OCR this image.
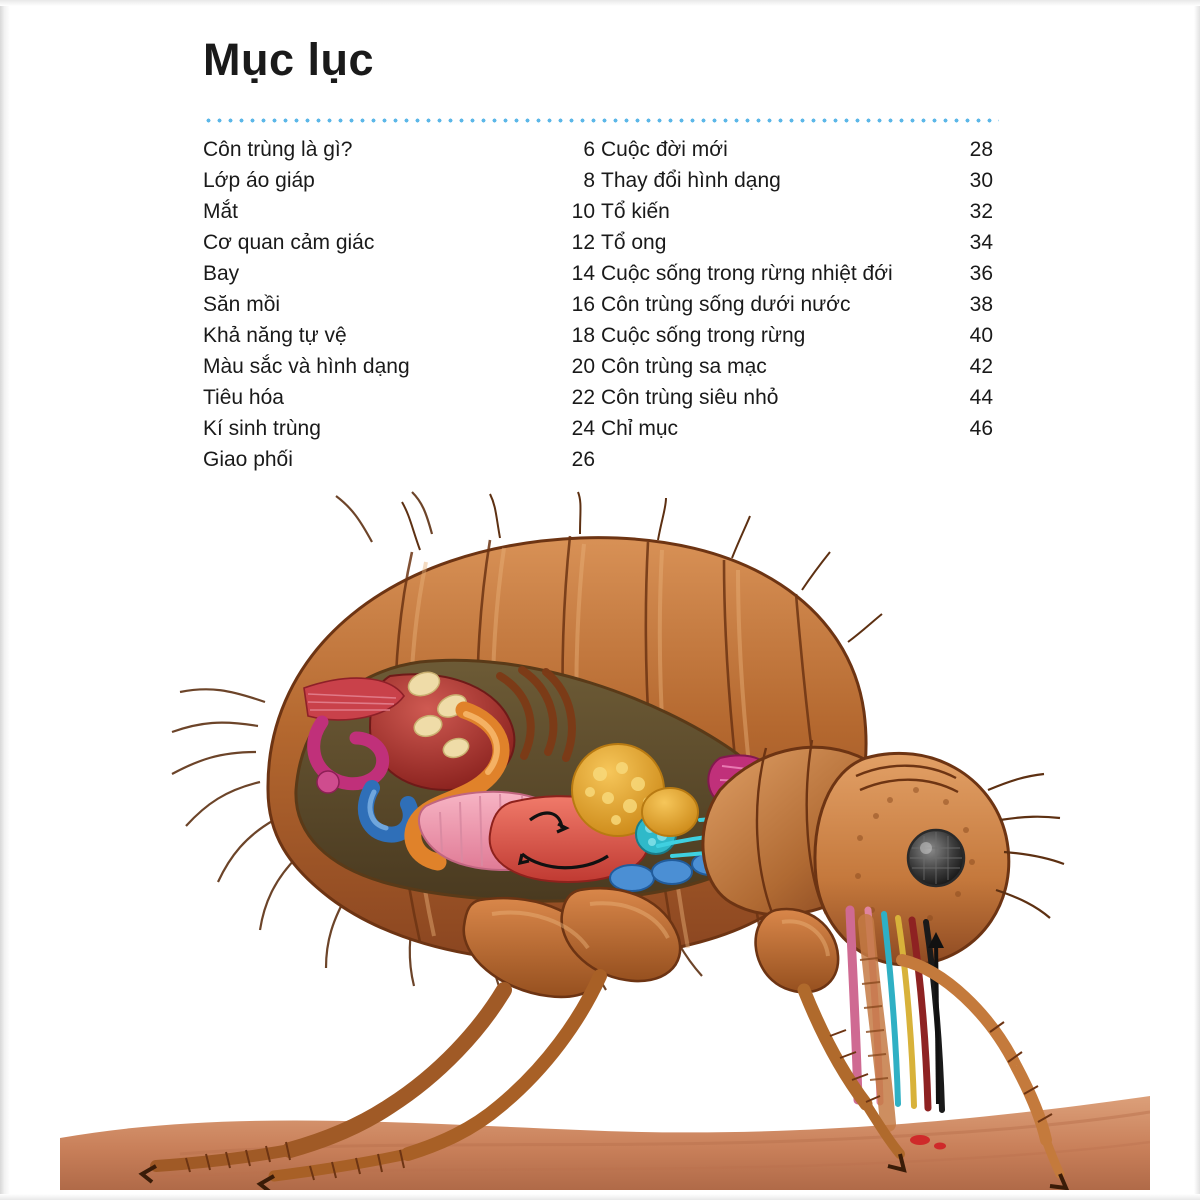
Mục lục
Côn trùng là gì?	6
Lớp áo giáp	8
Mắt	10
Cơ quan cảm giác	12
Bay	14
Săn mồi	16
Khả năng tự vệ	18
Màu sắc và hình dạng	20
Tiêu hóa	22
Kí sinh trùng	24
Giao phối	26
Cuộc đời mới	28
Thay đổi hình dạng	30
Tổ kiến	32
Tổ ong	34
Cuộc sống trong rừng nhiệt đới	36
Côn trùng sống dưới nước	38
Cuộc sống trong rừng	40
Côn trùng sa mạc	42
Côn trùng siêu nhỏ	44
Chỉ mục	46
